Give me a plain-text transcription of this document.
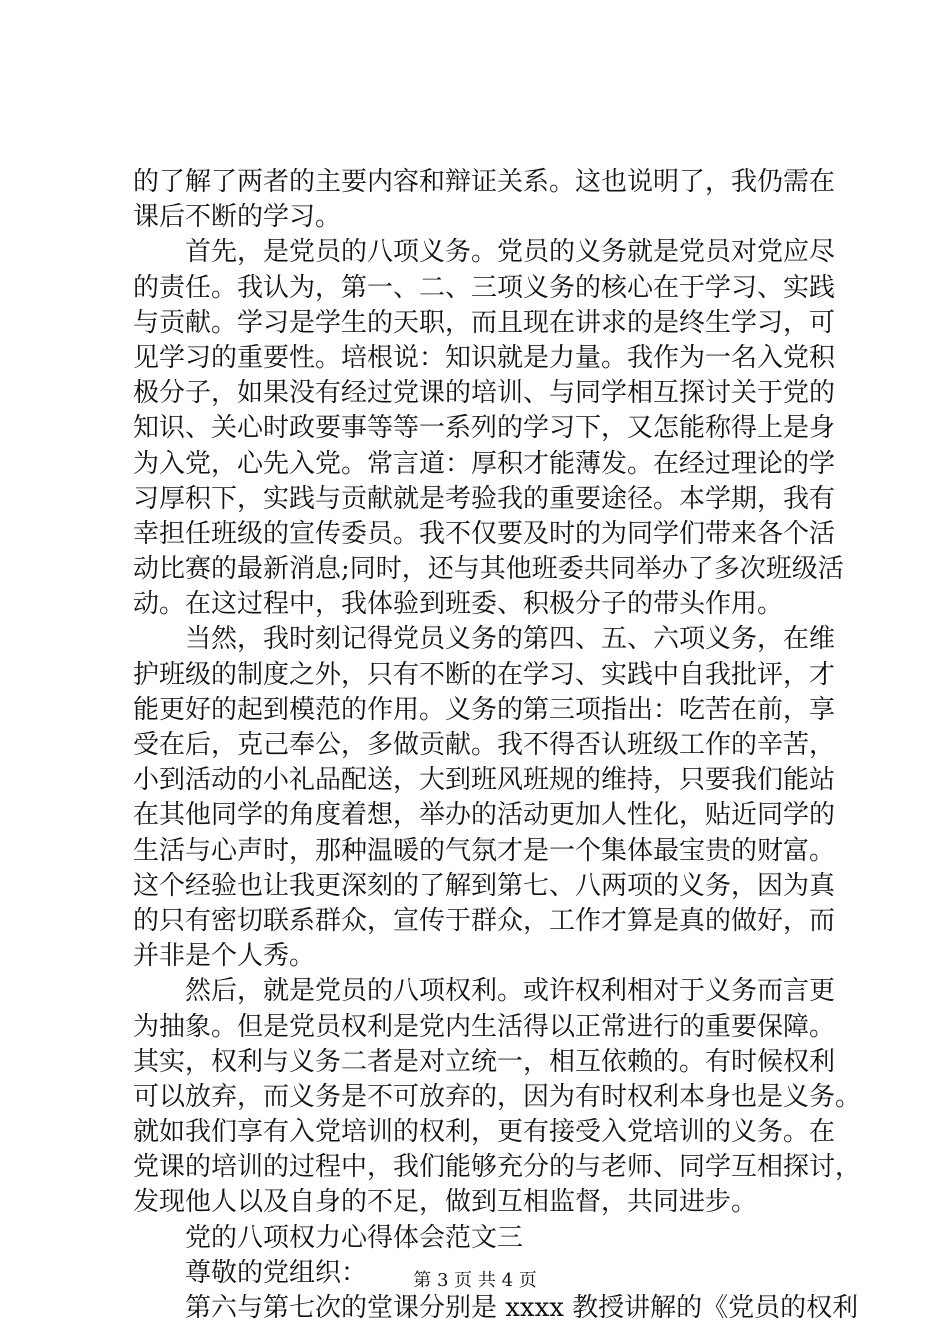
的了解了两者的主要内容和辩证关系。这也说明了，我仍需在
课后不断的学习。
首先，是党员的八项义务。党员的义务就是党员对党应尽
的责任。我认为，第一、二、三项义务的核心在于学习、实践
与贡献。学习是学生的天职，而且现在讲求的是终生学习，可
见学习的重要性。培根说：知识就是力量。我作为一名入党积
极分子，如果没有经过党课的培训、与同学相互探讨关于党的
知识、关心时政要事等等一系列的学习下，又怎能称得上是身
为入党，心先入党。常言道：厚积才能薄发。在经过理论的学
习厚积下，实践与贡献就是考验我的重要途径。本学期，我有
幸担任班级的宣传委员。我不仅要及时的为同学们带来各个活
动比赛的最新消息;同时，还与其他班委共同举办了多次班级活
动。在这过程中，我体验到班委、积极分子的带头作用。
当然，我时刻记得党员义务的第四、五、六项义务，在维
护班级的制度之外，只有不断的在学习、实践中自我批评，才
能更好的起到模范的作用。义务的第三项指出：吃苦在前，享
受在后，克己奉公，多做贡献。我不得否认班级工作的辛苦，
小到活动的小礼品配送，大到班风班规的维持，只要我们能站
在其他同学的角度着想，举办的活动更加人性化，贴近同学的
生活与心声时，那种温暖的气氛才是一个集体最宝贵的财富。
这个经验也让我更深刻的了解到第七、八两项的义务，因为真
的只有密切联系群众，宣传于群众，工作才算是真的做好，而
并非是个人秀。
然后，就是党员的八项权利。或许权利相对于义务而言更
为抽象。但是党员权利是党内生活得以正常进行的重要保障。
其实，权利与义务二者是对立统一，相互依赖的。有时候权利
可以放弃，而义务是不可放弃的，因为有时权利本身也是义务。
就如我们享有入党培训的权利，更有接受入党培训的义务。在
党课的培训的过程中，我们能够充分的与老师、同学互相探讨，
发现他人以及自身的不足，做到互相监督，共同进步。
党的八项权力心得体会范文三
尊敬的党组织：
第六与第七次的堂课分别是 xxxx 教授讲解的《党员的权利
第 3 页 共 4 页
